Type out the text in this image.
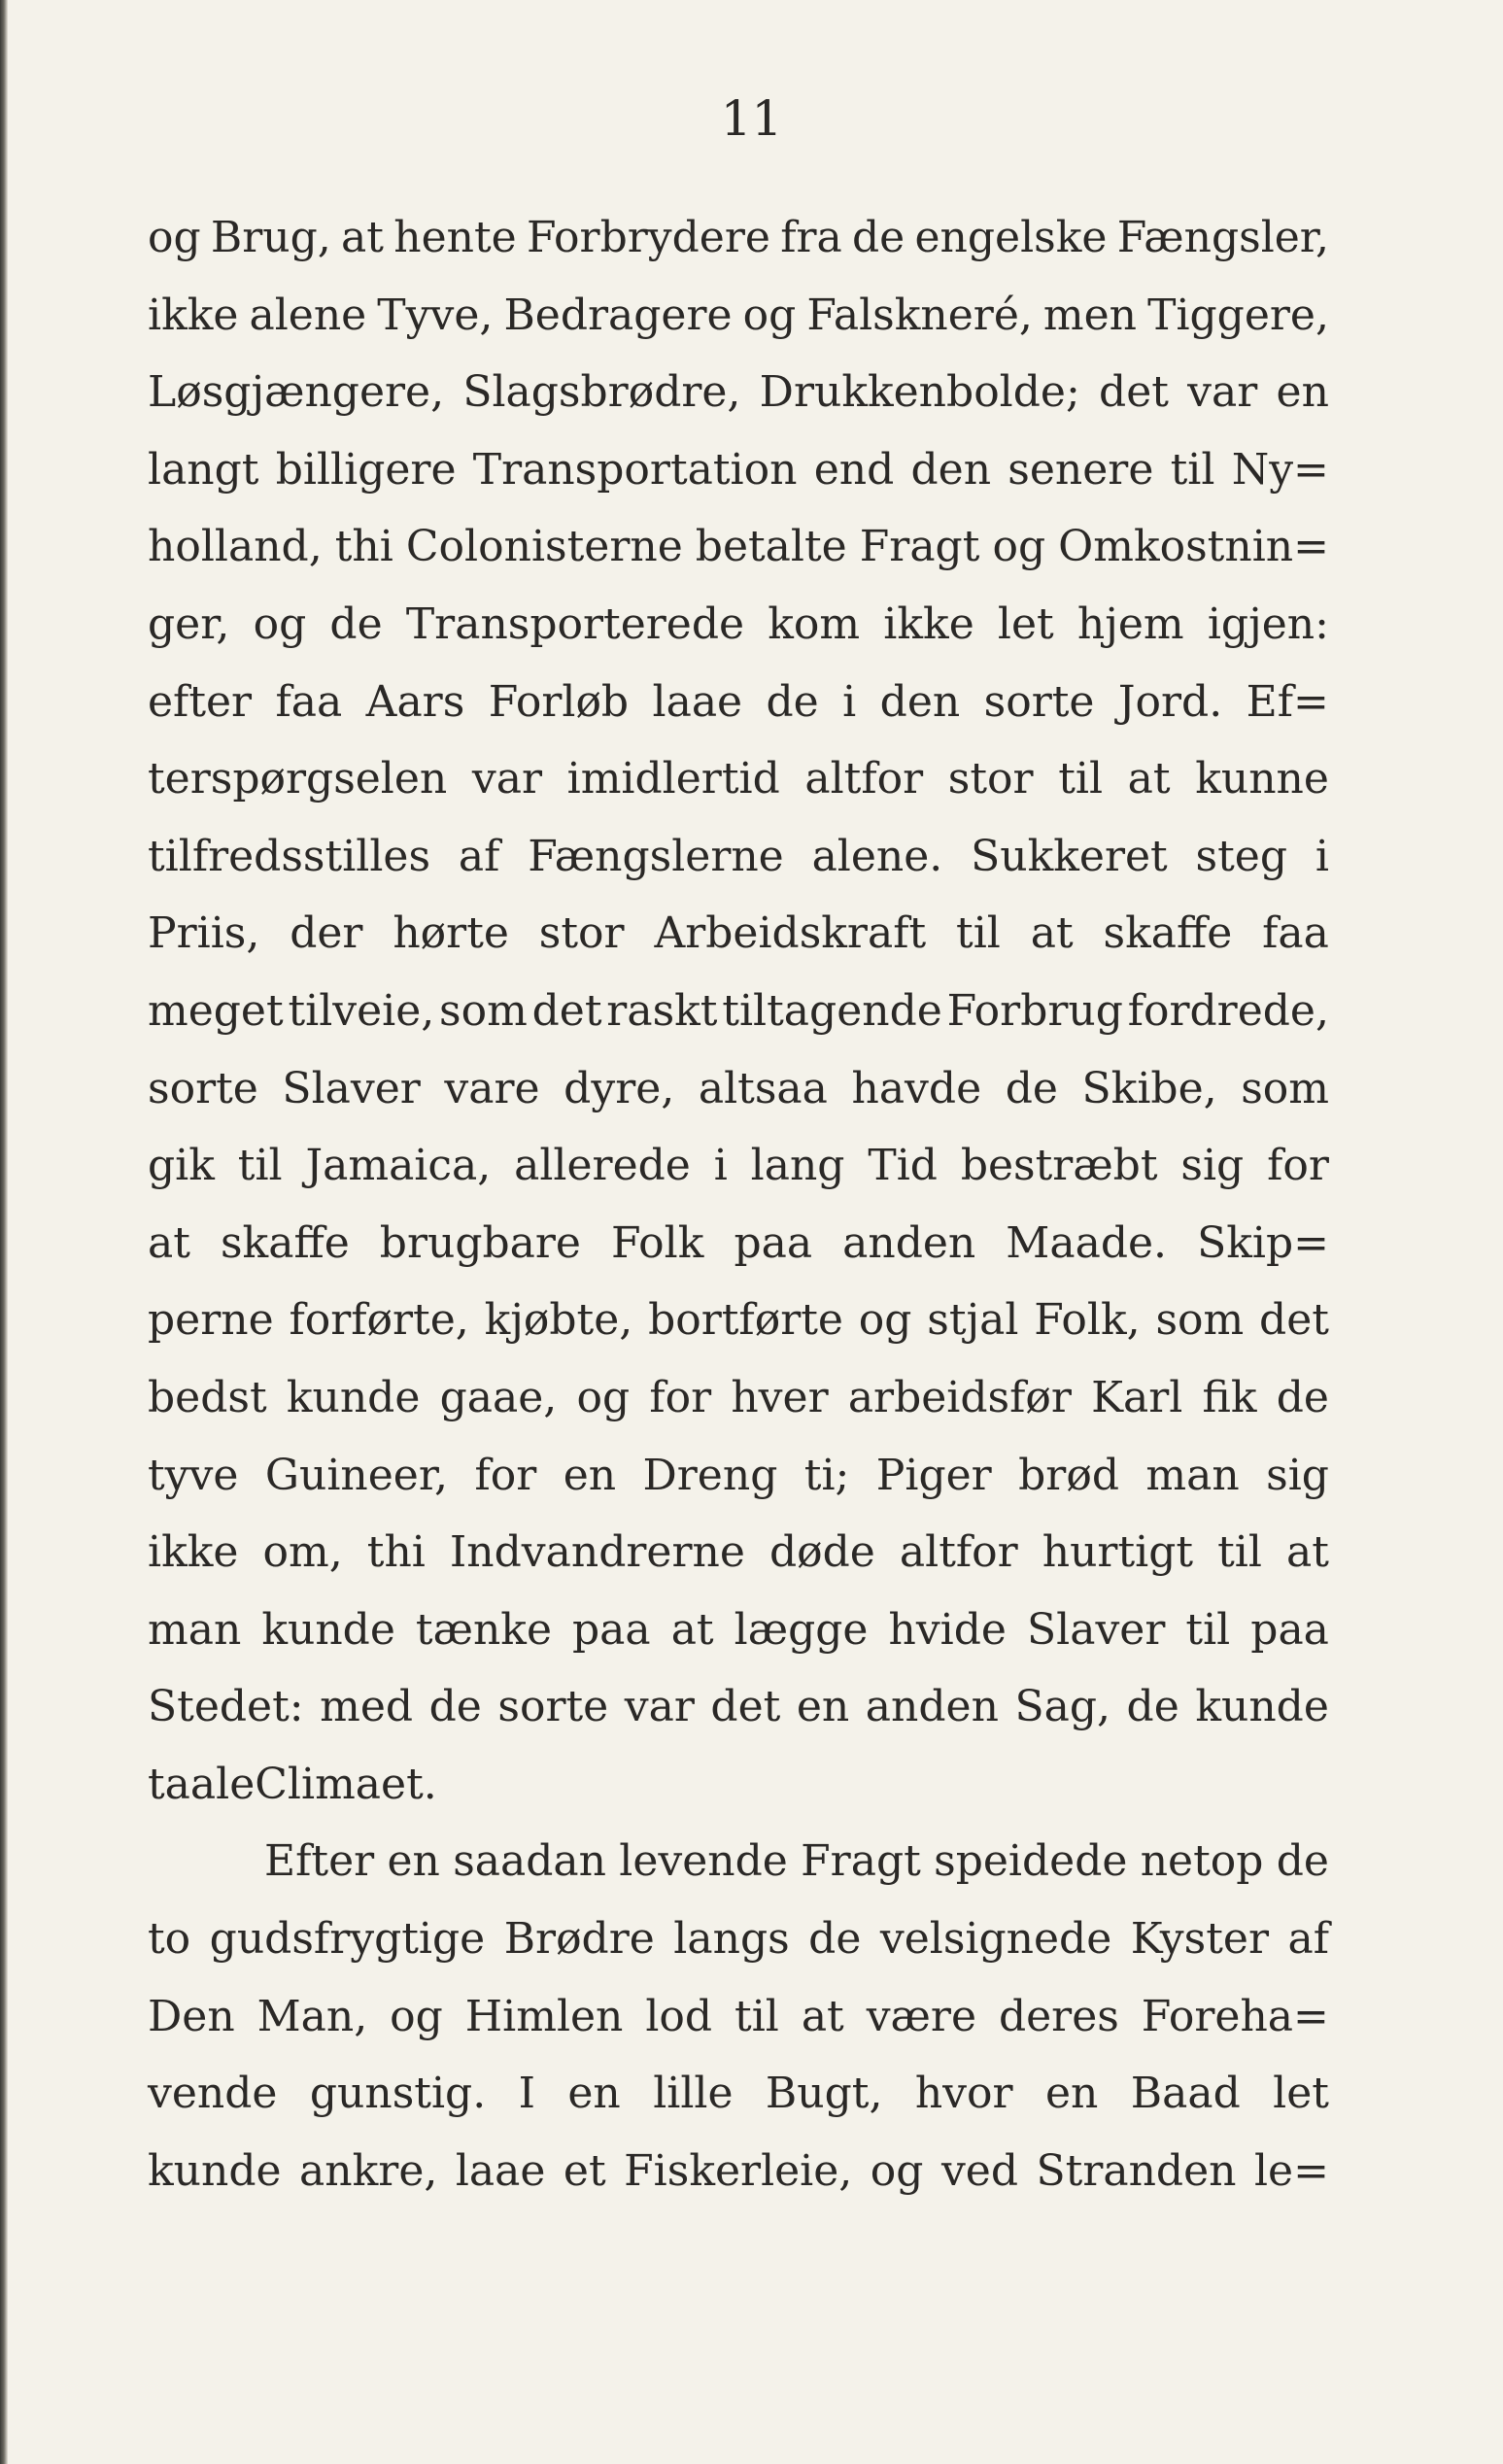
11
og Brug, at hente Forbrydere fra de engelske Fængsler,
ikke alene Tyve, Bedragere og Falskneré, men Tiggere,
Løsgjængere, Slagsbrødre, Drukkenbolde; det var en
langt billigere Transportation end den senere til Ny=
holland, thi Colonisterne betalte Fragt og Omkostnin=
ger, og de Transporterede kom ikke let hjem igjen:
efter faa Aars Forløb laae de i den sorte Jord. Ef=
terspørgselen var imidlertid altfor stor til at kunne
tilfredsstilles af Fængslerne alene. Sukkeret steg i
Priis, der hørte stor Arbeidskraft til at skaffe faa
meget tilveie, som det raskt tiltagende Forbrug fordrede,
sorte Slaver vare dyre, altsaa havde de Skibe, som
gik til Jamaica, allerede i lang Tid bestræbt sig for
at skaffe brugbare Folk paa anden Maade. Skip=
perne forførte, kjøbte, bortførte og stjal Folk, som det
bedst kunde gaae, og for hver arbeidsfør Karl fik de
tyve Guineer, for en Dreng ti; Piger brød man sig
ikke om, thi Indvandrerne døde altfor hurtigt til at
man kunde tænke paa at lægge hvide Slaver til paa
Stedet: med de sorte var det en anden Sag, de kunde
taale Climaet.
Efter en saadan levende Fragt speidede netop de
to gudsfrygtige Brødre langs de velsignede Kyster af
Den Man, og Himlen lod til at være deres Foreha=
vende gunstig. I en lille Bugt, hvor en Baad let
kunde ankre, laae et Fiskerleie, og ved Stranden le=
